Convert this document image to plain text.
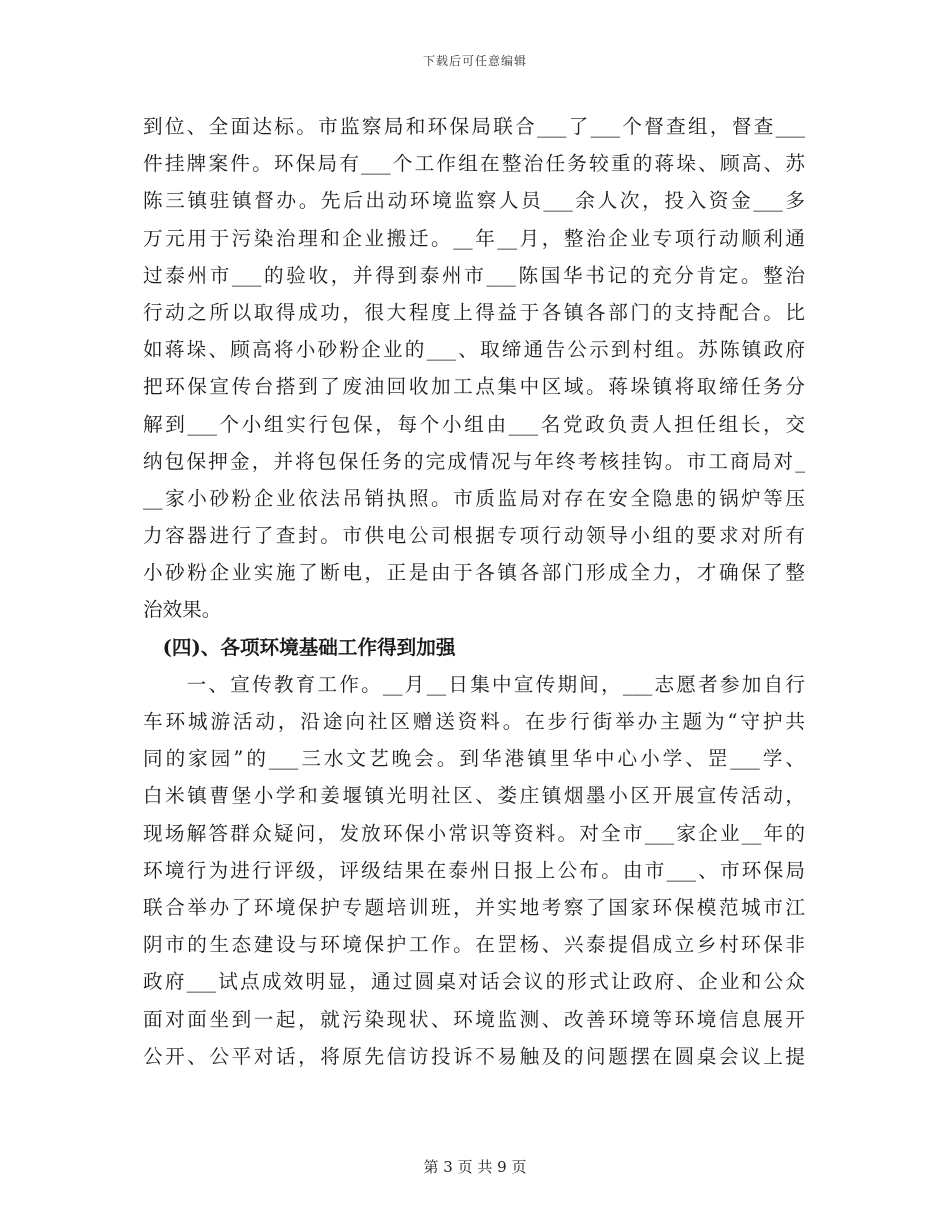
下载后可任意编辑
到位、全面达标。市监察局和环保局联合___了___个督查组，督查___
件挂牌案件。环保局有___个工作组在整治任务较重的蒋垛、顾高、苏
陈三镇驻镇督办。先后出动环境监察人员___余人次，投入资金___多
万元用于污染治理和企业搬迁。__年__月，整治企业专项行动顺利通
过泰州市___的验收，并得到泰州市___陈国华书记的充分肯定。整治
行动之所以取得成功，很大程度上得益于各镇各部门的支持配合。比
如蒋垛、顾高将小砂粉企业的___、取缔通告公示到村组。苏陈镇政府
把环保宣传台搭到了废油回收加工点集中区域。蒋垛镇将取缔任务分
解到___个小组实行包保，每个小组由___名党政负责人担任组长，交
纳包保押金，并将包保任务的完成情况与年终考核挂钩。市工商局对_
__家小砂粉企业依法吊销执照。市质监局对存在安全隐患的锅炉等压
力容器进行了查封。市供电公司根据专项行动领导小组的要求对所有
小砂粉企业实施了断电，正是由于各镇各部门形成全力，才确保了整
治效果。
　(四)、各项环境基础工作得到加强
　　一、宣传教育工作。__月__日集中宣传期间，___志愿者参加自行
车环城游活动，沿途向社区赠送资料。在步行街举办主题为“守护共
同的家园”的___三水文艺晚会。到华港镇里华中心小学、罡___学、
白米镇曹堡小学和姜堰镇光明社区、娄庄镇烟墨小区开展宣传活动，
现场解答群众疑问，发放环保小常识等资料。对全市___家企业__年的
环境行为进行评级，评级结果在泰州日报上公布。由市___、市环保局
联合举办了环境保护专题培训班，并实地考察了国家环保模范城市江
阴市的生态建设与环境保护工作。在罡杨、兴泰提倡成立乡村环保非
政府___试点成效明显，通过圆桌对话会议的形式让政府、企业和公众
面对面坐到一起，就污染现状、环境监测、改善环境等环境信息展开
公开、公平对话，将原先信访投诉不易触及的问题摆在圆桌会议上提
第 3 页 共 9 页
